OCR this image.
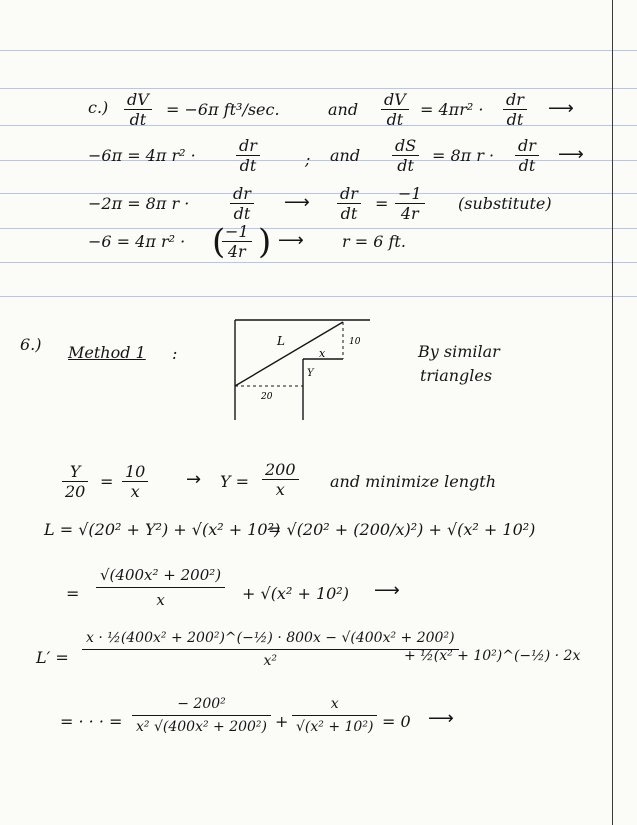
$c.) \frac{dV}{dt} = -6\pi$ ft³/sec.	and $\frac{dV}{dt} = 4\pi r^2 \cdot \frac{dr}{dt}$ ⟶
−6π = 4π r² ·	$\frac{dr}{dt}$	; and $\frac{dS}{dt} = 8\pi$ $r \cdot \frac{dr}{dt}$ ⟶
−2π = 8π r ·	$\frac{dr}{dt}$ ⟶ $\frac{dr}{dt} = \frac{-1}{4r}$ (substitute)
−6 = 4π r² · (
$\frac{-1}{4r}$ ) ⟶ r = 6 ft.
6.) Method 1 :	By similar
triangles
L
x
Y
10
20
$\frac{Y}{20} = \frac{10}{x} \to Y = \frac{200}{x}$ and minimize length
L = √(20² + Y²) + √(x² + 10²)
= √(20² + (200/x)²) + √(x² + 10²)
= $\frac{\text{√(400x² + 200²)}}{x} + √(x^2 + 10^2)$ ⟶
$L' = \frac{\text{x · ½(400x² + 200²)\textasciicircum{}(−½) · 800x − √(400x² + 200²)}}{\text{x²}}$
+ ½(x² + 10²)^(−½) · 2x
= · · · = $\frac{\text{− 200²}}{\text{x² √(400x² + 200²)}} + \frac{x}{\text{√(x² + 10²)}} = 0$ ⟶
